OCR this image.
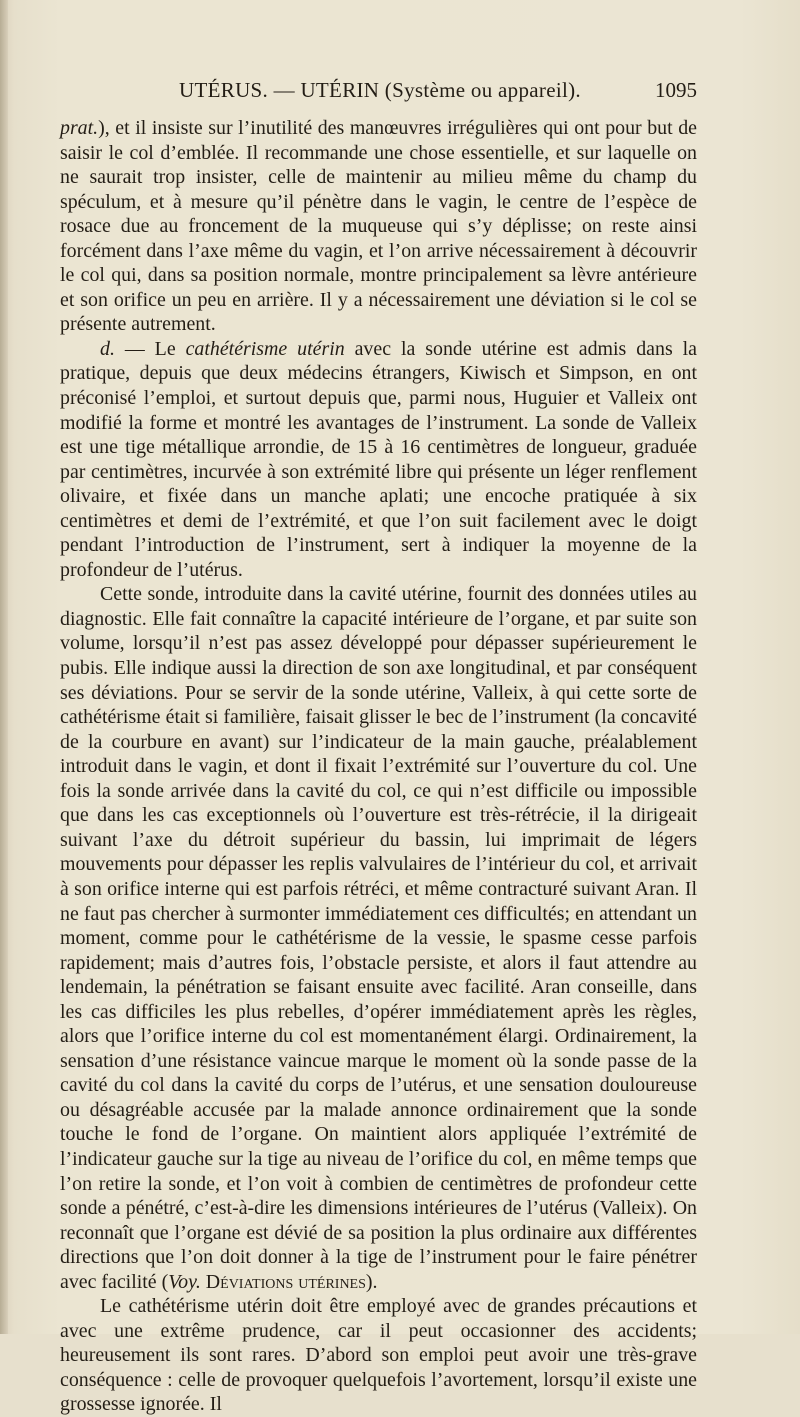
UTÉRUS. — UTÉRIN (Système ou appareil).	1095

prat.), et il insiste sur l’inutilité des manœuvres irrégulières qui ont pour but de saisir le col d’emblée. Il recommande une chose essentielle, et sur laquelle on ne saurait trop insister, celle de maintenir au milieu même du champ du spéculum, et à mesure qu’il pénètre dans le vagin, le centre de l’espèce de rosace due au froncement de la muqueuse qui s’y déplisse; on reste ainsi forcément dans l’axe même du vagin, et l’on arrive nécessairement à découvrir le col qui, dans sa position normale, montre principalement sa lèvre antérieure et son orifice un peu en arrière. Il y a nécessairement une déviation si le col se présente autrement.

d. — Le cathétérisme utérin avec la sonde utérine est admis dans la pratique, depuis que deux médecins étrangers, Kiwisch et Simpson, en ont préconisé l’emploi, et surtout depuis que, parmi nous, Huguier et Valleix ont modifié la forme et montré les avantages de l’instrument. La sonde de Valleix est une tige métallique arrondie, de 15 à 16 centimètres de longueur, graduée par centimètres, incurvée à son extrémité libre qui présente un léger renflement olivaire, et fixée dans un manche aplati; une encoche pratiquée à six centimètres et demi de l’extrémité, et que l’on suit facilement avec le doigt pendant l’introduction de l’instrument, sert à indiquer la moyenne de la profondeur de l’utérus.

Cette sonde, introduite dans la cavité utérine, fournit des données utiles au diagnostic. Elle fait connaître la capacité intérieure de l’organe, et par suite son volume, lorsqu’il n’est pas assez développé pour dépasser supérieurement le pubis. Elle indique aussi la direction de son axe longitudinal, et par conséquent ses déviations. Pour se servir de la sonde utérine, Valleix, à qui cette sorte de cathétérisme était si familière, faisait glisser le bec de l’instrument (la concavité de la courbure en avant) sur l’indicateur de la main gauche, préalablement introduit dans le vagin, et dont il fixait l’extrémité sur l’ouverture du col. Une fois la sonde arrivée dans la cavité du col, ce qui n’est difficile ou impossible que dans les cas exceptionnels où l’ouverture est très-rétrécie, il la dirigeait suivant l’axe du détroit supérieur du bassin, lui imprimait de légers mouvements pour dépasser les replis valvulaires de l’intérieur du col, et arrivait à son orifice interne qui est parfois rétréci, et même contracturé suivant Aran. Il ne faut pas chercher à surmonter immédiatement ces difficultés; en attendant un moment, comme pour le cathétérisme de la vessie, le spasme cesse parfois rapidement; mais d’autres fois, l’obstacle persiste, et alors il faut attendre au lendemain, la pénétration se faisant ensuite avec facilité. Aran conseille, dans les cas difficiles les plus rebelles, d’opérer immédiatement après les règles, alors que l’orifice interne du col est momentanément élargi. Ordinairement, la sensation d’une résistance vaincue marque le moment où la sonde passe de la cavité du col dans la cavité du corps de l’utérus, et une sensation douloureuse ou désagréable accusée par la malade annonce ordinairement que la sonde touche le fond de l’organe. On maintient alors appliquée l’extrémité de l’indicateur gauche sur la tige au niveau de l’orifice du col, en même temps que l’on retire la sonde, et l’on voit à combien de centimètres de profondeur cette sonde a pénétré, c’est-à-dire les dimensions intérieures de l’utérus (Valleix). On reconnaît que l’organe est dévié de sa position la plus ordinaire aux différentes directions que l’on doit donner à la tige de l’instrument pour le faire pénétrer avec facilité (Voy. Déviations utérines).

Le cathétérisme utérin doit être employé avec de grandes précautions et avec une extrême prudence, car il peut occasionner des accidents; heureusement ils sont rares. D’abord son emploi peut avoir une très-grave conséquence : celle de provoquer quelquefois l’avortement, lorsqu’il existe une grossesse ignorée. Il
